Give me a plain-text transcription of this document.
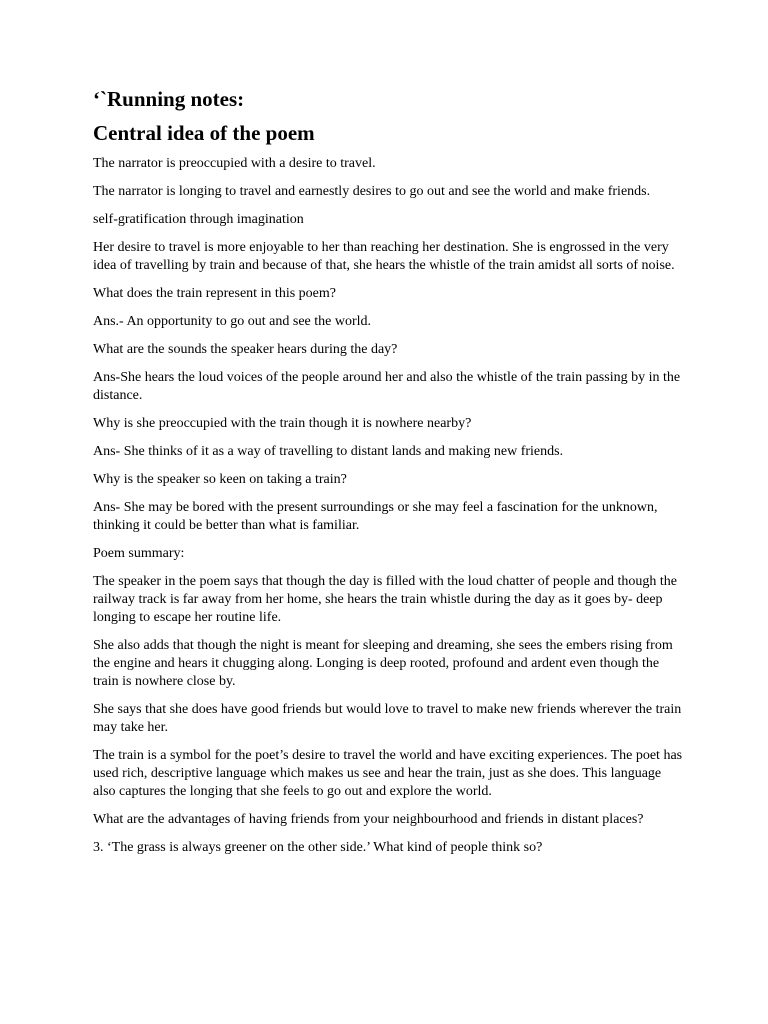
‘`Running notes:
Central idea of the poem

The narrator is preoccupied with a desire to travel.

The narrator is longing to travel and earnestly desires to go out and see the world and make friends.

self-gratification through imagination

Her desire to travel is more enjoyable to her than reaching her destination. She is engrossed in the very idea of travelling by train and because of that, she hears the whistle of the train amidst all sorts of noise.

What does the train represent in this poem?

Ans.- An opportunity to go out and see the world.

What are the sounds the speaker hears during the day?

Ans-She hears the loud voices of the people around her and also the whistle of the train passing by in the distance.

Why is she preoccupied with the train though it is nowhere nearby?

Ans- She thinks of it as a way of travelling to distant lands and making new friends.

Why is the speaker so keen on taking a train?

Ans- She may be bored with the present surroundings or she may feel a fascination for the unknown, thinking it could be better than what is familiar.

Poem summary:

The speaker in the poem says that though the day is filled with the loud chatter of people and though the railway track is far away from her home, she hears the train whistle during the day as it goes by- deep longing to escape her routine life.

She also adds that though the night is meant for sleeping and dreaming, she sees the embers rising from the engine and hears it chugging along. Longing is deep rooted, profound and ardent even though the train is nowhere close by.

She says that she does have good friends but would love to travel to make new friends wherever the train may take her.

The train is a symbol for the poet’s desire to travel the world and have exciting experiences. The poet has used rich, descriptive language which makes us see and hear the train, just as she does. This language also captures the longing that she feels to go out and explore the world.

What are the advantages of having friends from your neighbourhood and friends in distant places?

3. ‘The grass is always greener on the other side.’ What kind of people think so?
